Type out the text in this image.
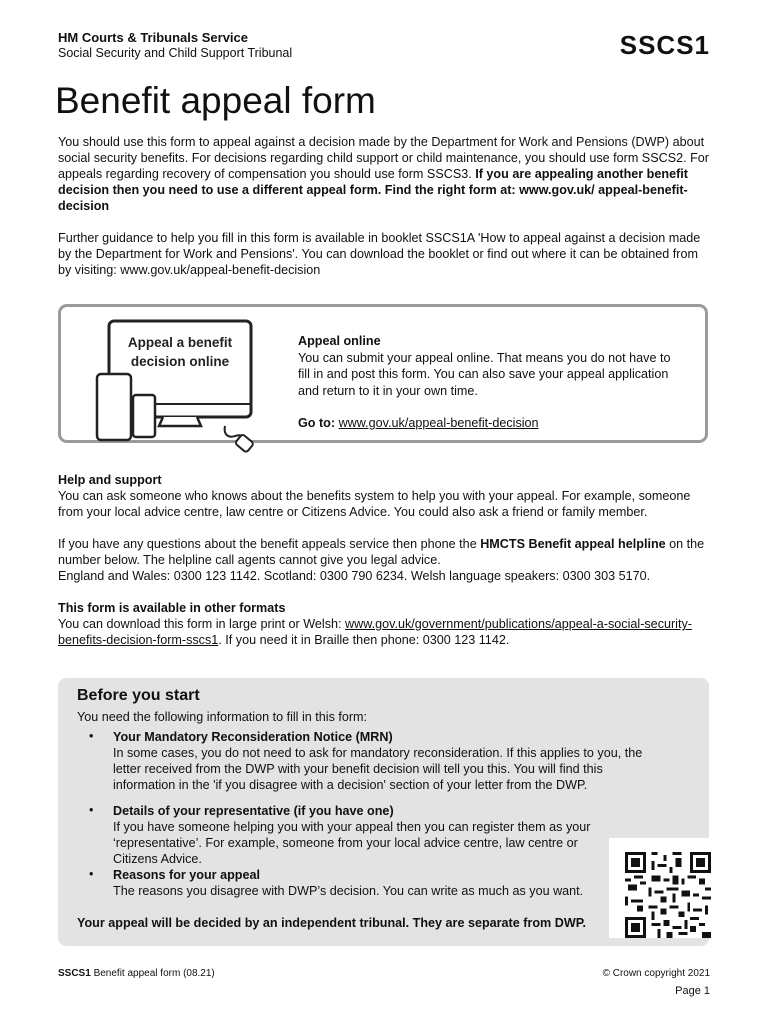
HM Courts & Tribunals Service
Social Security and Child Support Tribunal	SSCS1
Benefit appeal form
You should use this form to appeal against a decision made by the Department for Work and Pensions (DWP) about social security benefits. For decisions regarding child support or child maintenance, you should use form SSCS2. For appeals regarding recovery of compensation you should use form SSCS3. If you are appealing another benefit decision then you need to use a different appeal form. Find the right form at: www.gov.uk/ appeal-benefit-decision
Further guidance to help you fill in this form is available in booklet SSCS1A 'How to appeal against a decision made by the Department for Work and Pensions'. You can download the booklet or find out where it can be obtained from by visiting: www.gov.uk/appeal-benefit-decision
Appeal a benefit decision online
Appeal online
You can submit your appeal online. That means you do not have to fill in and post this form. You can also save your appeal application and return to it in your own time.
Go to: www.gov.uk/appeal-benefit-decision
Help and support
You can ask someone who knows about the benefits system to help you with your appeal. For example, someone from your local advice centre, law centre or Citizens Advice. You could also ask a friend or family member.
If you have any questions about the benefit appeals service then phone the HMCTS Benefit appeal helpline on the number below. The helpline call agents cannot give you legal advice.
England and Wales: 0300 123 1142. Scotland: 0300 790 6234. Welsh language speakers: 0300 303 5170.
This form is available in other formats
You can download this form in large print or Welsh: www.gov.uk/government/publications/appeal-a-social-security-benefits-decision-form-sscs1. If you need it in Braille then phone: 0300 123 1142.
Before you start
You need the following information to fill in this form:
• Your Mandatory Reconsideration Notice (MRN)
In some cases, you do not need to ask for mandatory reconsideration. If this applies to you, the letter received from the DWP with your benefit decision will tell you this. You will find this information in the 'if you disagree with a decision' section of your letter from the DWP.
• Details of your representative (if you have one)
If you have someone helping you with your appeal then you can register them as your ‘representative’. For example, someone from your local advice centre, law centre or Citizens Advice.
• Reasons for your appeal
The reasons you disagree with DWP’s decision. You can write as much as you want.
Your appeal will be decided by an independent tribunal. They are separate from DWP.
SSCS1 Benefit appeal form (08.21)	© Crown copyright 2021
Page 1
